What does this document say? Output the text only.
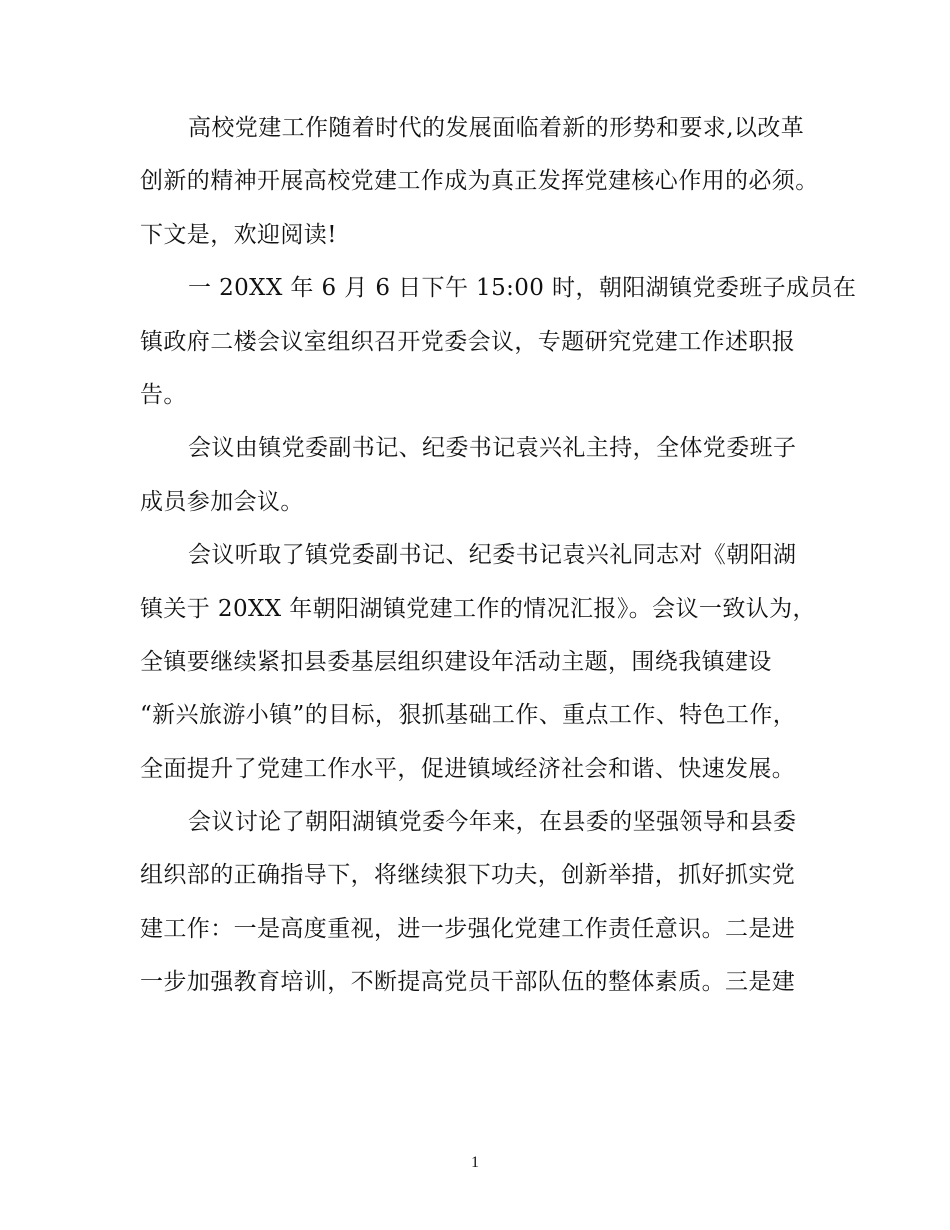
高校党建工作随着时代的发展面临着新的形势和要求,以改革
创新的精神开展高校党建工作成为真正发挥党建核心作用的必须。
下文是，欢迎阅读!
一 20XX 年 6 月 6 日下午 15:00 时，朝阳湖镇党委班子成员在
镇政府二楼会议室组织召开党委会议，专题研究党建工作述职报
告。
会议由镇党委副书记、纪委书记袁兴礼主持，全体党委班子
成员参加会议。
会议听取了镇党委副书记、纪委书记袁兴礼同志对《朝阳湖
镇关于 20XX 年朝阳湖镇党建工作的情况汇报》。会议一致认为，
全镇要继续紧扣县委基层组织建设年活动主题，围绕我镇建设
“新兴旅游小镇”的目标，狠抓基础工作、重点工作、特色工作，
全面提升了党建工作水平，促进镇域经济社会和谐、快速发展。
会议讨论了朝阳湖镇党委今年来，在县委的坚强领导和县委
组织部的正确指导下，将继续狠下功夫，创新举措，抓好抓实党
建工作：一是高度重视，进一步强化党建工作责任意识。二是进
一步加强教育培训，不断提高党员干部队伍的整体素质。三是建
1
